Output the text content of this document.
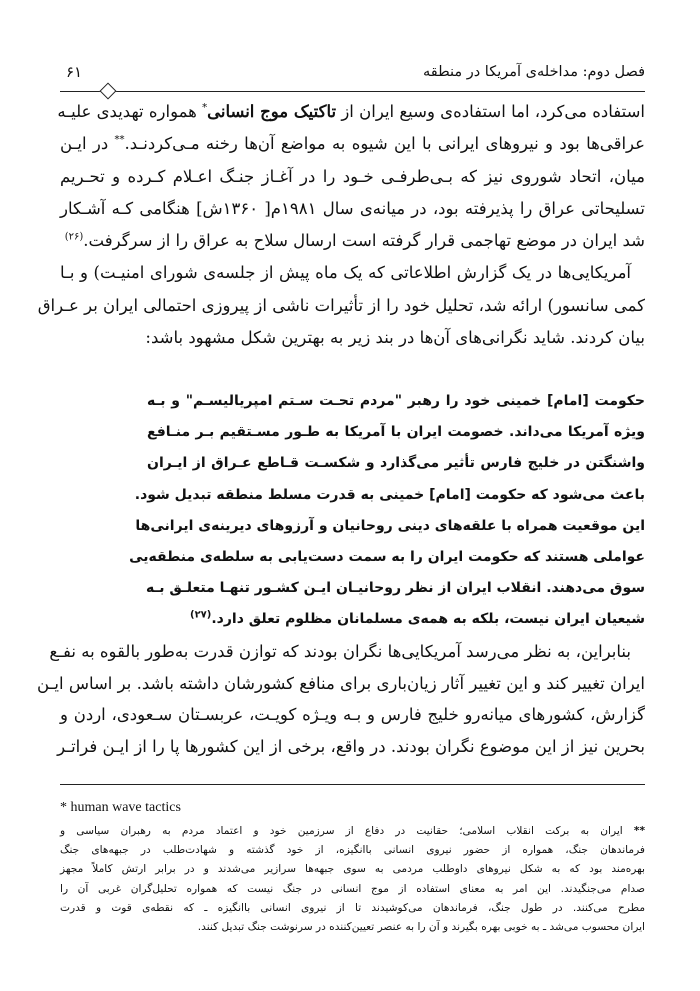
فصل دوم: مداخله‌ی آمریکا در منطقه
۶۱
استفاده می‌کرد، اما استفاده‌ی وسیع ایران از تاکتیک موج انسانی* همواره تهدیدی علیـه
عراقی‌ها بود و نیروهای ایرانی با این شیوه به مواضع آن‌ها رخنه مـی‌کردنـد.** در ایـن
میان، اتحاد شوروی نیز که بـی‌طرفـی خـود را در آغـاز جنـگ اعـلام کـرده و تحـریم
تسلیحاتی عراق را پذیرفته بود، در میانه‌ی سال ۱۹۸۱م[ ۱۳۶۰ش] هنگامی کـه آشـکار
شد ایران در موضع تهاجمی قرار گرفته است ارسال سلاح به عراق را از سرگرفت.$^{(۲۶)}$
آمریکایی‌ها در یک گزارش اطلاعاتی که یک ماه پیش از جلسه‌ی شورای امنیـت) و بـا
کمی سانسور) ارائه شد، تحلیل خود را از تأثیرات ناشی از پیروزی احتمالی ایران بر عـراق
بیان کردند. شاید نگرانی‌های آن‌ها در بند زیر به بهترین شکل مشهود باشد:
حکومت [امام] خمینی خود را رهبر "مردم تحـت سـتم امپریالیسـم" و بـه
ویژه آمریکا می‌داند. خصومت ایران با آمریکا به طـور مسـتقیم بـر منـافع
واشنگتن در خلیج فارس تأثیر می‌گذارد و شکسـت قـاطع عـراق از ایـران
باعث می‌شود که حکومت [امام] خمینی به قدرت مسلط منطقه تبدیل شود.
این موقعیت همراه با علقه‌های دینی روحانیان و آرزوهای دیرینه‌ی ایرانی‌ها
عواملی هستند که حکومت ایران را به سمت دست‌یابی به سلطه‌ی منطقه‌یی
سوق می‌دهند. انقلاب ایران از نظر روحانیـان ایـن کشـور تنهـا متعلـق بـه
شیعیان ایران نیست، بلکه به همه‌ی مسلمانان مظلوم تعلق دارد.$^{(۲۷)}$
بنابراین، به نظر می‌رسد آمریکایی‌ها نگران بودند که توازن قدرت به‌طور بالقوه به نفـع
ایران تغییر کند و این تغییر آثار زیان‌باری برای منافع کشورشان داشته باشد. بر اساس ایـن
گزارش، کشورهای میانه‌رو خلیج فارس و بـه ویـژه کویـت، عربسـتان سـعودی، اردن و
بحرین نیز از این موضوع نگران بودند. در واقع، برخی از این کشورها پا را از ایـن فراتـر

* human wave tactics

** ایران به برکت انقلاب اسلامی؛ حقانیت در دفاع از سرزمین خود و اعتماد مردم به رهبران سیاسی و
فرماندهان جنگ، همواره از حضور نیروی انسانی باانگیزه، از خود گذشته و شهادت‌طلب در جبهه‌های جنگ
بهره‌مند بود که به شکل نیروهای داوطلب مردمی به سوی جبهه‌ها سرازیر می‌شدند و در برابر ارتش کاملاً مجهز
صدام می‌جنگیدند. این امر به معنای استفاده از موج انسانی در جنگ نیست که همواره تحلیل‌گران غربی آن را
مطرح می‌کنند. در طول جنگ، فرماندهان می‌کوشیدند تا از نیروی انسانی باانگیزه ـ که نقطه‌ی قوت و قدرت
ایران محسوب می‌شد ـ به خوبی بهره بگیرند و آن را به عنصر تعیین‌کننده در سرنوشت جنگ تبدیل کنند.
